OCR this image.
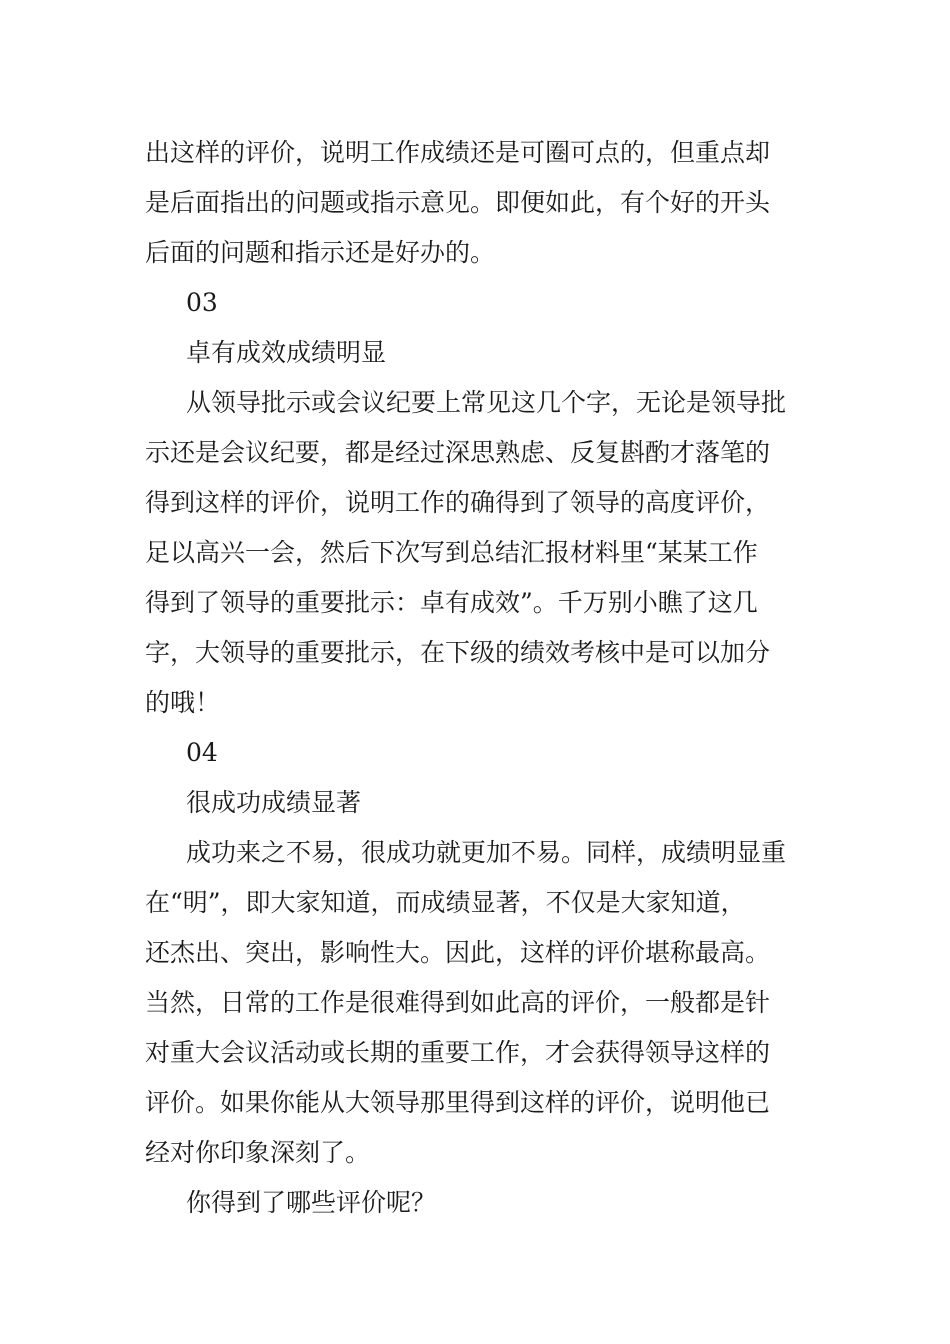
出这样的评价，说明工作成绩还是可圈可点的，但重点却
是后面指出的问题或指示意见。即便如此，有个好的开头
后面的问题和指示还是好办的。
03
卓有成效成绩明显
从领导批示或会议纪要上常见这几个字，无论是领导批
示还是会议纪要，都是经过深思熟虑、反复斟酌才落笔的
得到这样的评价，说明工作的确得到了领导的高度评价，
足以高兴一会，然后下次写到总结汇报材料里“某某工作
得到了领导的重要批示：卓有成效”。千万别小瞧了这几
字，大领导的重要批示，在下级的绩效考核中是可以加分
的哦！
04
很成功成绩显著
成功来之不易，很成功就更加不易。同样，成绩明显重
在“明”，即大家知道，而成绩显著，不仅是大家知道，
还杰出、突出，影响性大。因此，这样的评价堪称最高。
当然，日常的工作是很难得到如此高的评价，一般都是针
对重大会议活动或长期的重要工作，才会获得领导这样的
评价。如果你能从大领导那里得到这样的评价，说明他已
经对你印象深刻了。
你得到了哪些评价呢？
